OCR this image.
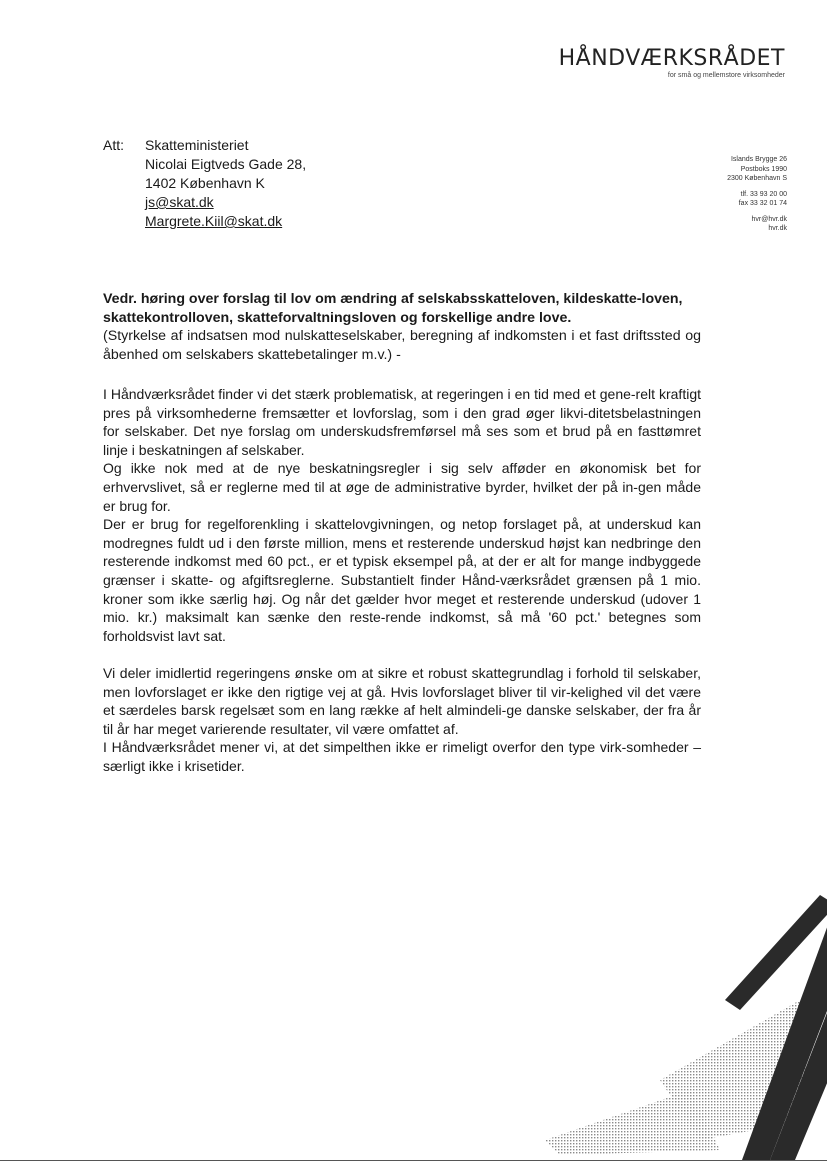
HÅNDVÆRKSRÅDET
for små og mellemstore virksomheder
Att:	Skatteministeriet
Nicolai Eigtveds Gade 28,
1402 København K
js@skat.dk
Margrete.Kiil@skat.dk
Islands Brygge 26
Postboks 1990
2300 København S
tlf. 33 93 20 00
fax 33 32 01 74
hvr@hvr.dk
hvr.dk
Vedr. høring over forslag til lov om ændring af selskabsskatteloven, kildeskatte-loven, skattekontrolloven, skatteforvaltningsloven og forskellige andre love.
(Styrkelse af indsatsen mod nulskatteselskaber, beregning af indkomsten i et fast driftssted og åbenhed om selskabers skattebetalinger m.v.) -

I Håndværksrådet finder vi det stærk problematisk, at regeringen i en tid med et gene-relt kraftigt pres på virksomhederne fremsætter et lovforslag, som i den grad øger likvi-ditetsbelastningen for selskaber. Det nye forslag om underskudsfremførsel må ses som et brud på en fasttømret linje i beskatningen af selskaber.

Og ikke nok med at de nye beskatningsregler i sig selv afføder en økonomisk bet for erhvervslivet, så er reglerne med til at øge de administrative byrder, hvilket der på in-gen måde er brug for.

Der er brug for regelforenkling i skattelovgivningen, og netop forslaget på, at underskud kan modregnes fuldt ud i den første million, mens et resterende underskud højst kan nedbringe den resterende indkomst med 60 pct., er et typisk eksempel på, at der er alt for mange indbyggede grænser i skatte- og afgiftsreglerne. Substantielt finder Hånd-værksrådet grænsen på 1 mio. kroner som ikke særlig høj. Og når det gælder hvor meget et resterende underskud (udover 1 mio. kr.) maksimalt kan sænke den reste-rende indkomst, så må '60 pct.' betegnes som forholdsvist lavt sat.

Vi deler imidlertid regeringens ønske om at sikre et robust skattegrundlag i forhold til selskaber, men lovforslaget er ikke den rigtige vej at gå. Hvis lovforslaget bliver til vir-kelighed vil det være et særdeles barsk regelsæt som en lang række af helt almindeli-ge danske selskaber, der fra år til år har meget varierende resultater, vil være omfattet af.

I Håndværksrådet mener vi, at det simpelthen ikke er rimeligt overfor den type virk-somheder – særligt ikke i krisetider.
